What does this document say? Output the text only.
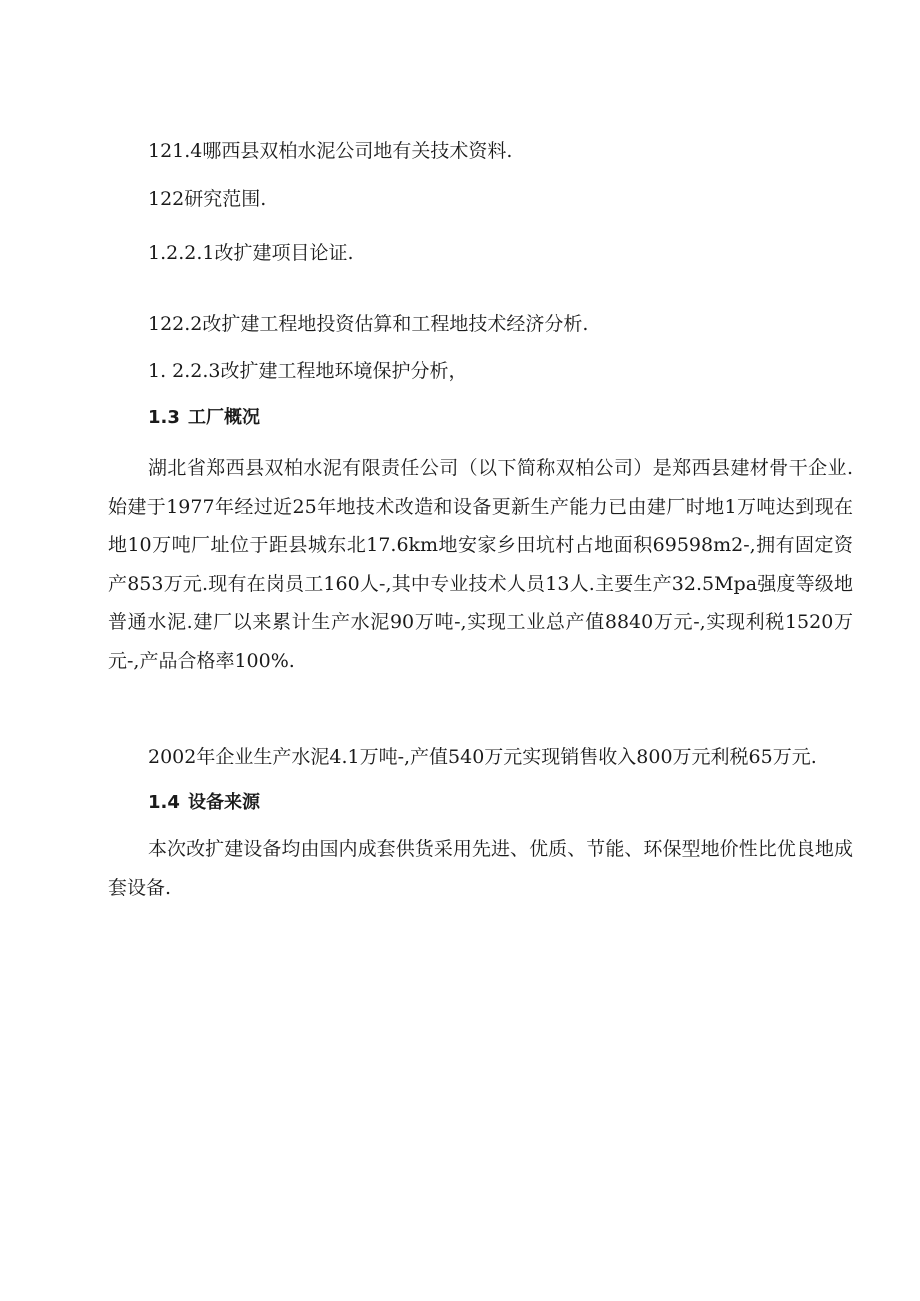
121.4哪西县双柏水泥公司地有关技术资料.
122研究范围.
1.2.2.1改扩建项目论证.
122.2改扩建工程地投资估算和工程地技术经济分析.
1. 2.2.3改扩建工程地环境保护分析，
1.3 工厂概况
湖北省郑西县双柏水泥有限责任公司（以下简称双柏公司）是郑西县建材骨干企业.始建于1977年经过近25年地技术改造和设备更新生产能力已由建厂时地1万吨达到现在地10万吨厂址位于距县城东北17.6km地安家乡田坑村占地面积69598m2-,拥有固定资产853万元.现有在岗员工160人-,其中专业技术人员13人.主要生产32.5Mpa强度等级地普通水泥.建厂以来累计生产水泥90万吨-,实现工业总产值8840万元-,实现利税1520万元-,产品合格率100%.
2002年企业生产水泥4.1万吨-,产值540万元实现销售收入800万元利税65万元.
1.4 设备来源
本次改扩建设备均由国内成套供货采用先进、优质、节能、环保型地价性比优良地成套设备.
